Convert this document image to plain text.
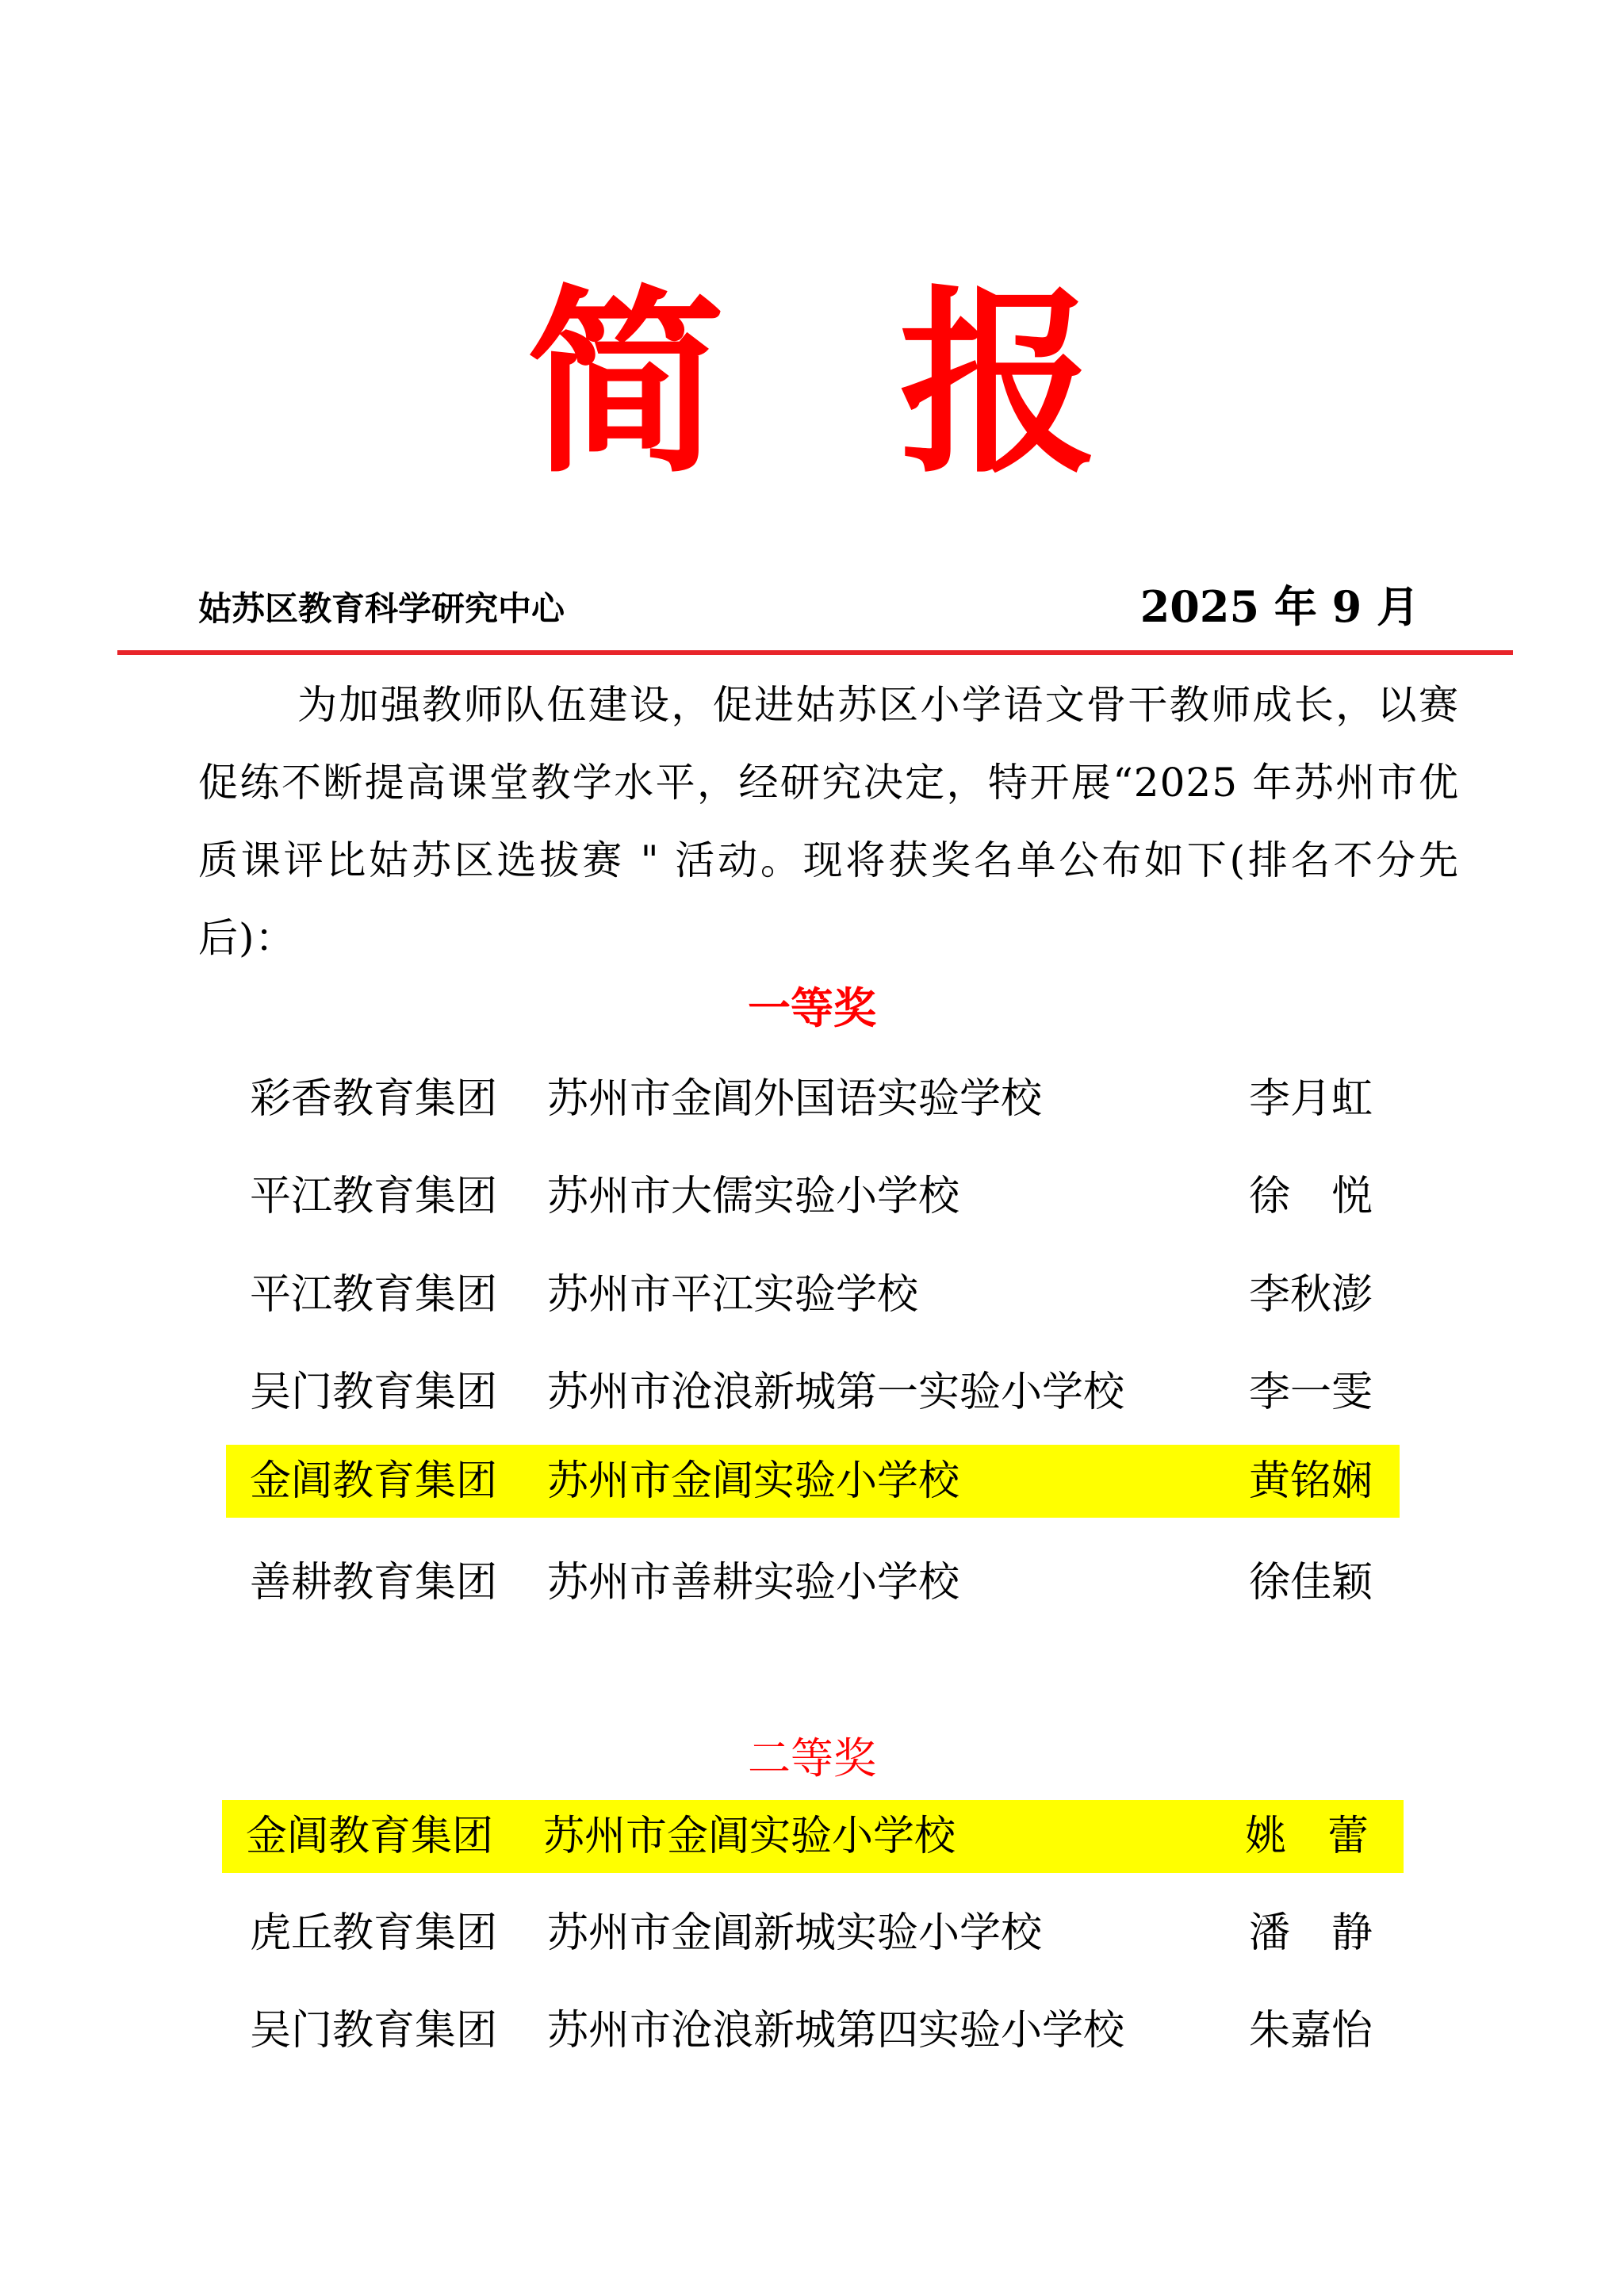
简 报
姑苏区教育科学研究中心	2025 年 9 月
为加强教师队伍建设，促进姑苏区小学语文骨干教师成长，以赛促练不断提高课堂教学水平，经研究决定，特开展“2025 年苏州市优质课评比姑苏区选拔赛 " 活动。现将获奖名单公布如下(排名不分先后)：
一等奖
彩香教育集团 苏州市金阊外国语实验学校	李月虹
平江教育集团 苏州市大儒实验小学校	徐　悦
平江教育集团 苏州市平江实验学校	李秋澎
吴门教育集团 苏州市沧浪新城第一实验小学校	李一雯
金阊教育集团 苏州市金阊实验小学校	黄铭娴
善耕教育集团 苏州市善耕实验小学校	徐佳颖
二等奖
金阊教育集团 苏州市金阊实验小学校	姚　蕾
虎丘教育集团 苏州市金阊新城实验小学校	潘　静
吴门教育集团 苏州市沧浪新城第四实验小学校	朱嘉怡
